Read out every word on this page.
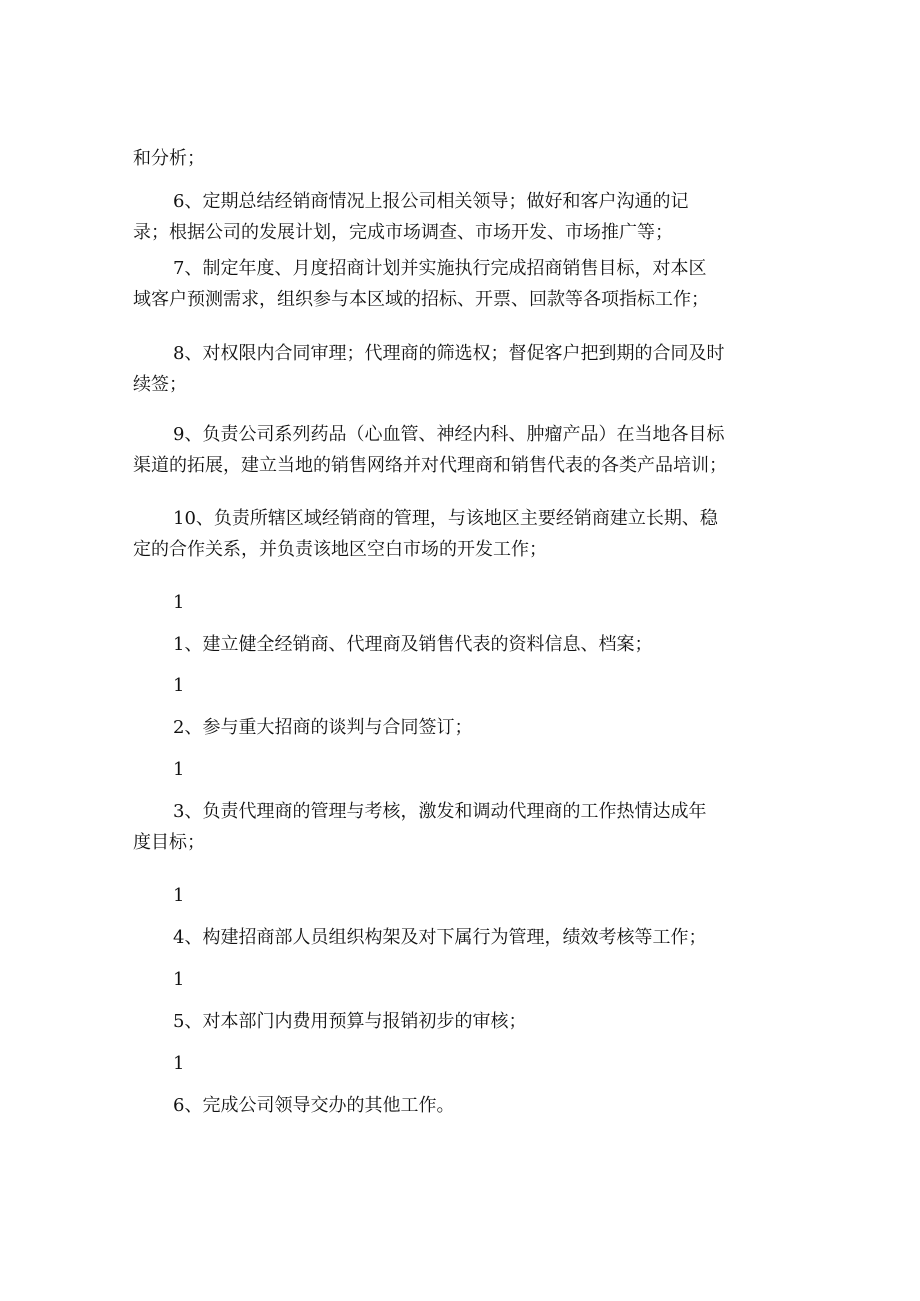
和分析；

6、定期总结经销商情况上报公司相关领导；做好和客户沟通的记
录；根据公司的发展计划，完成市场调查、市场开发、市场推广等；

7、制定年度、月度招商计划并实施执行完成招商销售目标，对本区
域客户预测需求，组织参与本区域的招标、开票、回款等各项指标工作；

8、对权限内合同审理；代理商的筛选权；督促客户把到期的合同及时
续签；

9、负责公司系列药品（心血管、神经内科、肿瘤产品）在当地各目标
渠道的拓展，建立当地的销售网络并对代理商和销售代表的各类产品培训；

10、负责所辖区域经销商的管理，与该地区主要经销商建立长期、稳
定的合作关系，并负责该地区空白市场的开发工作；

1

1、建立健全经销商、代理商及销售代表的资料信息、档案；

1

2、参与重大招商的谈判与合同签订；

1

3、负责代理商的管理与考核，激发和调动代理商的工作热情达成年
度目标；

1

4、构建招商部人员组织构架及对下属行为管理，绩效考核等工作；

1

5、对本部门内费用预算与报销初步的审核；

1

6、完成公司领导交办的其他工作。
